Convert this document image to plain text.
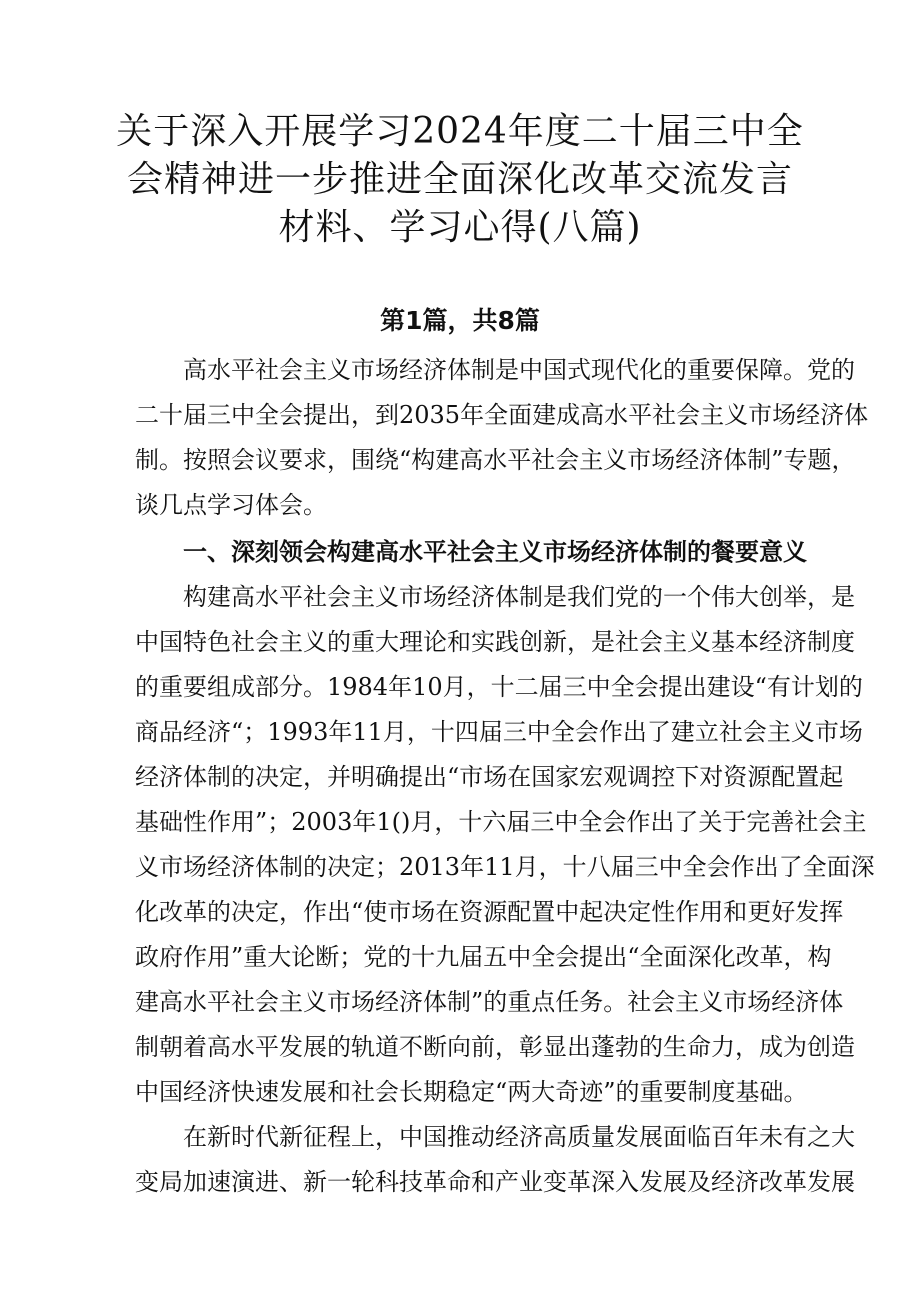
关于深入开展学习2024年度二十届三中全
会精神进一步推进全面深化改革交流发言
材料、学习心得(八篇)
第1篇，共8篇
高水平社会主义市场经济体制是中国式现代化的重要保障。党的
二十届三中全会提出，到2035年全面建成高水平社会主义市场经济体
制。按照会议要求，围绕“构建高水平社会主义市场经济体制”专题，
谈几点学习体会。
一、深刻领会构建高水平社会主义市场经济体制的餐要意义
构建高水平社会主义市场经济体制是我们党的一个伟大创举，是
中国特色社会主义的重大理论和实践创新，是社会主义基本经济制度
的重要组成部分。1984年10月，十二届三中全会提出建设“有计划的
商品经济“；1993年11月，十四届三中全会作出了建立社会主义市场
经济体制的决定，并明确提出“市场在国家宏观调控下对资源配置起
基础性作用”；2003年1()月，十六届三中全会作出了关于完善社会主
义市场经济体制的决定；2013年11月，十八届三中全会作出了全面深
化改革的决定，作出“使市场在资源配置中起决定性作用和更好发挥
政府作用”重大论断；党的十九届五中全会提出“全面深化改革，构
建高水平社会主义市场经济体制”的重点任务。社会主义市场经济体
制朝着高水平发展的轨道不断向前，彰显出蓬勃的生命力，成为创造
中国经济快速发展和社会长期稳定“两大奇迹”的重要制度基础。
在新时代新征程上，中国推动经济高质量发展面临百年未有之大
变局加速演进、新一轮科技革命和产业变革深入发展及经济改革发展
